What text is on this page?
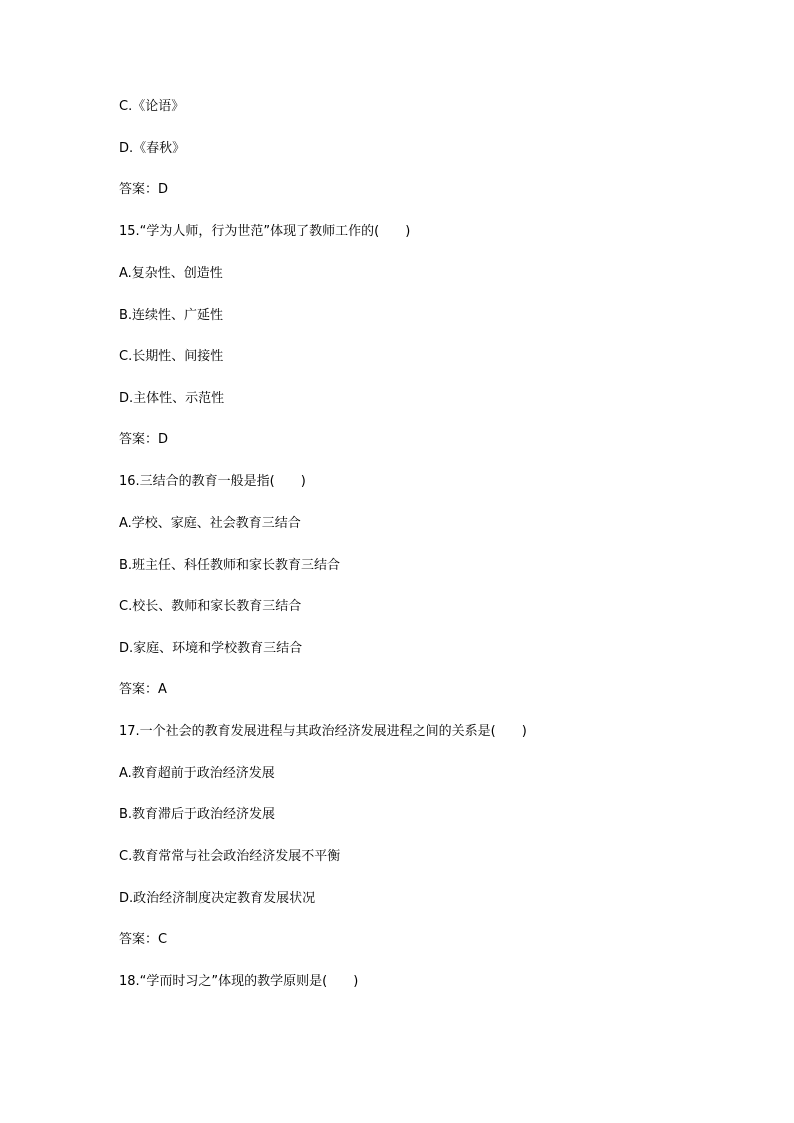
C.《论语》
D.《春秋》
答案：D
15.“学为人师，行为世范”体现了教师工作的(　　)
A.复杂性、创造性
B.连续性、广延性
C.长期性、间接性
D.主体性、示范性
答案：D
16.三结合的教育一般是指(　　)
A.学校、家庭、社会教育三结合
B.班主任、科任教师和家长教育三结合
C.校长、教师和家长教育三结合
D.家庭、环境和学校教育三结合
答案：A
17.一个社会的教育发展进程与其政治经济发展进程之间的关系是(　　)
A.教育超前于政治经济发展
B.教育滞后于政治经济发展
C.教育常常与社会政治经济发展不平衡
D.政治经济制度决定教育发展状况
答案：C
18.“学而时习之”体现的教学原则是(　　)
